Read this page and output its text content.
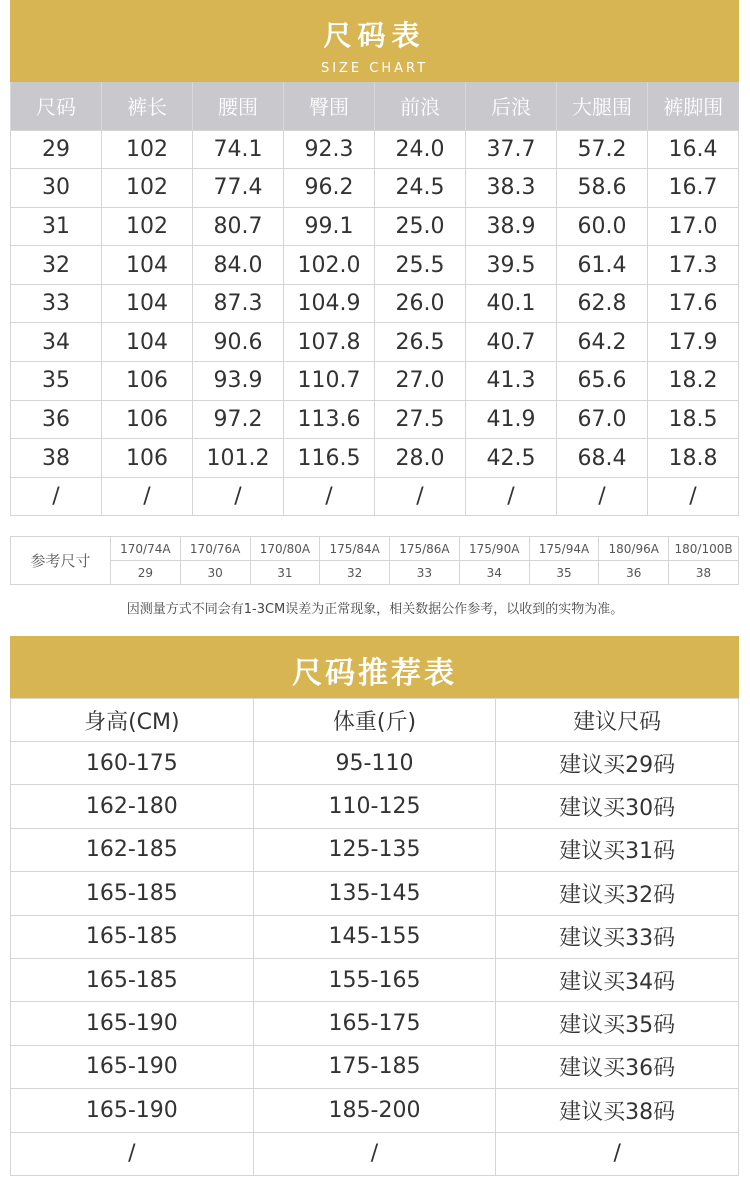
尺码表
SIZE CHART
尺码	裤长	腰围	臀围	前浪	后浪	大腿围	裤脚围
29	102	74.1	92.3	24.0	37.7	57.2	16.4
30	102	77.4	96.2	24.5	38.3	58.6	16.7
31	102	80.7	99.1	25.0	38.9	60.0	17.0
32	104	84.0	102.0	25.5	39.5	61.4	17.3
33	104	87.3	104.9	26.0	40.1	62.8	17.6
34	104	90.6	107.8	26.5	40.7	64.2	17.9
35	106	93.9	110.7	27.0	41.3	65.6	18.2
36	106	97.2	113.6	27.5	41.9	67.0	18.5
38	106	101.2	116.5	28.0	42.5	68.4	18.8
/	/	/	/	/	/	/	/
参考尺寸	170/74A	170/76A	170/80A	175/84A	175/86A	175/90A	175/94A	180/96A	180/100B
	29	30	31	32	33	34	35	36	38
因测量方式不同会有1-3CM误差为正常现象，相关数据公作参考，以收到的实物为准。
尺码推荐表
身高(CM)	体重(斤)	建议尺码
160-175	95-110	建议买29码
162-180	110-125	建议买30码
162-185	125-135	建议买31码
165-185	135-145	建议买32码
165-185	145-155	建议买33码
165-185	155-165	建议买34码
165-190	165-175	建议买35码
165-190	175-185	建议买36码
165-190	185-200	建议买38码
/	/	/
